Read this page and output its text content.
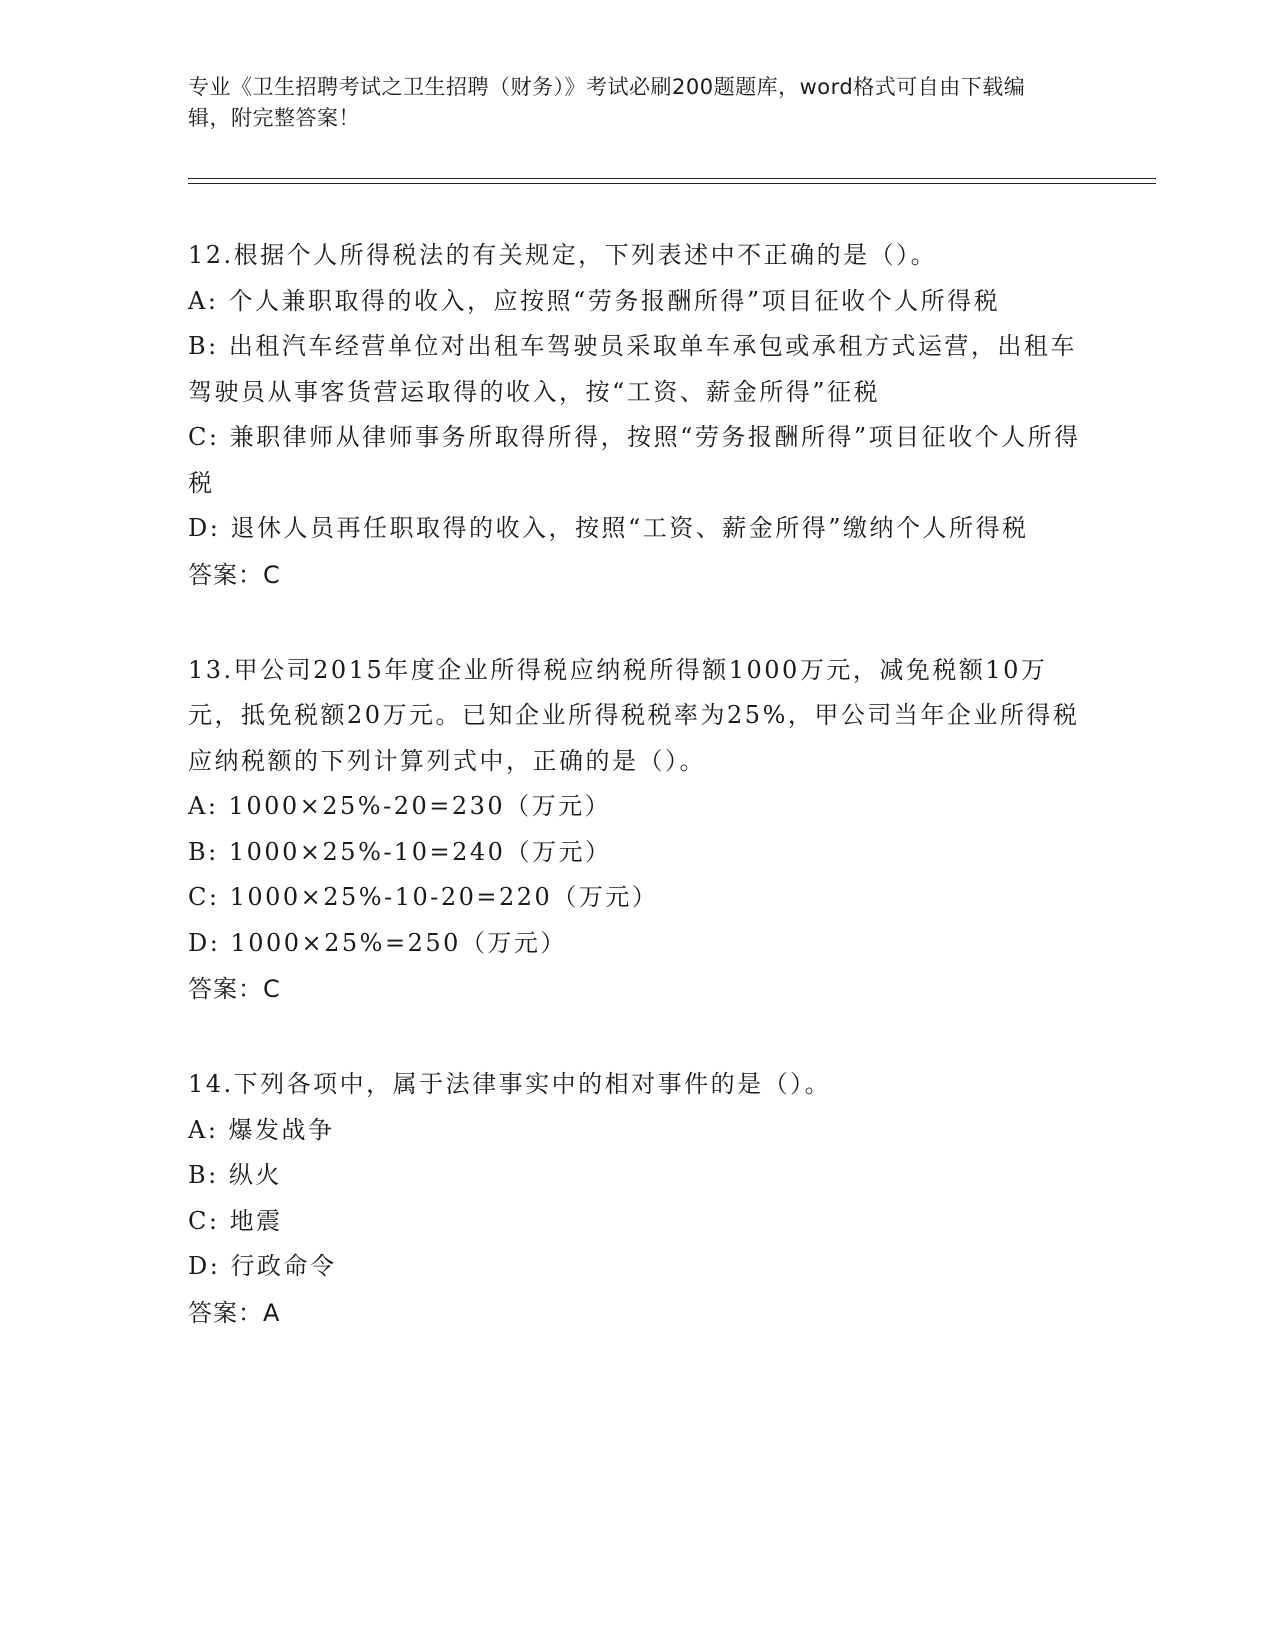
专业《卫生招聘考试之卫生招聘（财务）》考试必刷200题题库，word格式可自由下载编辑，附完整答案！

12.根据个人所得税法的有关规定，下列表述中不正确的是（）。

A: 个人兼职取得的收入，应按照“劳务报酬所得”项目征收个人所得税

B: 出租汽车经营单位对出租车驾驶员采取单车承包或承租方式运营，出租车驾驶员从事客货营运取得的收入，按“工资、薪金所得”征税

C: 兼职律师从律师事务所取得所得，按照“劳务报酬所得”项目征收个人所得税

D: 退休人员再任职取得的收入，按照“工资、薪金所得”缴纳个人所得税

答案：C

13.甲公司2015年度企业所得税应纳税所得额1000万元，减免税额10万元，抵免税额20万元。已知企业所得税税率为25%，甲公司当年企业所得税应纳税额的下列计算列式中，正确的是（）。

A: 1000×25%-20=230（万元）

B: 1000×25%-10=240（万元）

C: 1000×25%-10-20=220（万元）

D: 1000×25%=250（万元）

答案：C

14.下列各项中，属于法律事实中的相对事件的是（）。

A: 爆发战争

B: 纵火

C: 地震

D: 行政命令

答案：A
